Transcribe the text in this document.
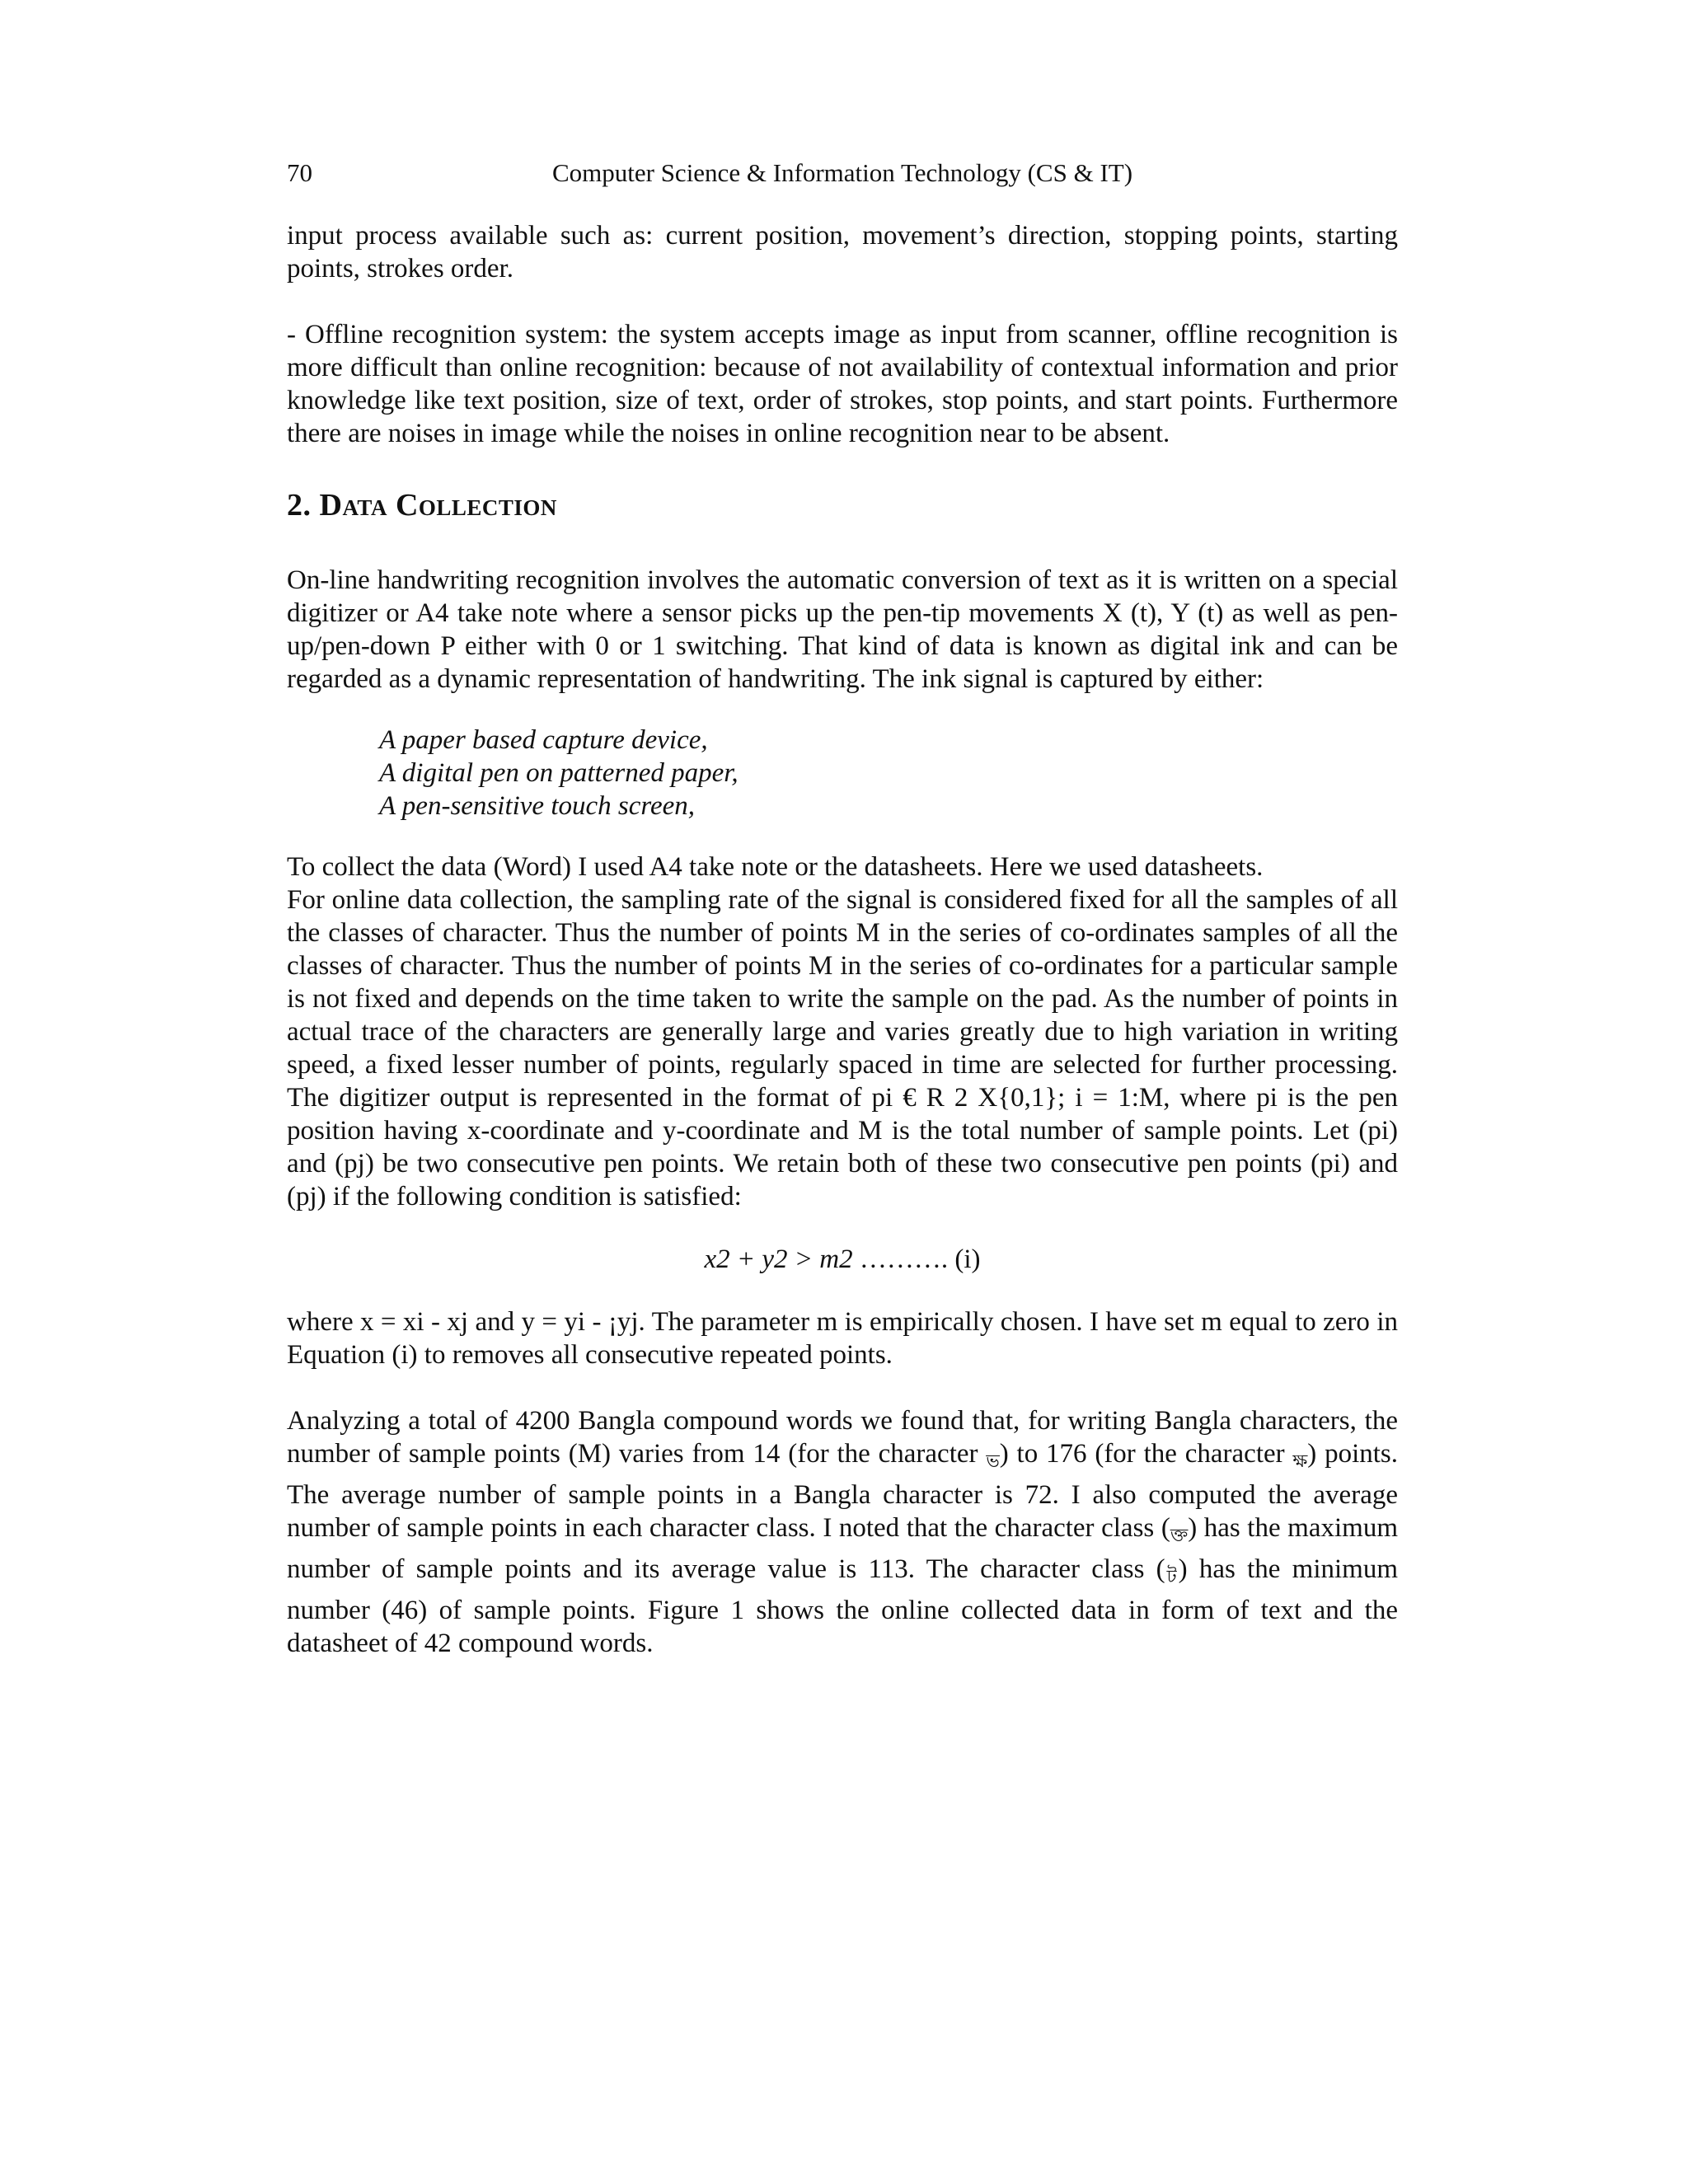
70	Computer Science & Information Technology (CS & IT)

input process available such as: current position, movement’s direction, stopping points, starting points, strokes order.

- Offline recognition system: the system accepts image as input from scanner, offline recognition is more difficult than online recognition: because of not availability of contextual information and prior knowledge like text position, size of text, order of strokes, stop points, and start points. Furthermore there are noises in image while the noises in online recognition near to be absent.

2. Data Collection

On-line handwriting recognition involves the automatic conversion of text as it is written on a special digitizer or A4 take note where a sensor picks up the pen-tip movements X (t), Y (t) as well as pen-up/pen-down P either with 0 or 1 switching. That kind of data is known as digital ink and can be regarded as a dynamic representation of handwriting. The ink signal is captured by either:

A paper based capture device,
A digital pen on patterned paper,
A pen-sensitive touch screen,

To collect the data (Word) I used A4 take note or the datasheets. Here we used datasheets.

For online data collection, the sampling rate of the signal is considered fixed for all the samples of all the classes of character. Thus the number of points M in the series of co-ordinates samples of all the classes of character. Thus the number of points M in the series of co-ordinates for a particular sample is not fixed and depends on the time taken to write the sample on the pad. As the number of points in actual trace of the characters are generally large and varies greatly due to high variation in writing speed, a fixed lesser number of points, regularly spaced in time are selected for further processing. The digitizer output is represented in the format of pi € R 2 X{0,1}; i = 1:M, where pi is the pen position having x-coordinate and y-coordinate and M is the total number of sample points. Let (pi) and (pj) be two consecutive pen points. We retain both of these two consecutive pen points (pi) and (pj) if the following condition is satisfied:

x2 + y2 > m2 ………. (i)

where x = xi - xj and y = yi - ¡yj. The parameter m is empirically chosen. I have set m equal to zero in Equation (i) to removes all consecutive repeated points.

Analyzing a total of 4200 Bangla compound words we found that, for writing Bangla characters, the number of sample points (M) varies from 14 (for the character ভ) to 176 (for the character ক্ষ) points. The average number of sample points in a Bangla character is 72. I also computed the average number of sample points in each character class. I noted that the character class (ক্ত) has the maximum number of sample points and its average value is 113. The character class (ট) has the minimum number (46) of sample points. Figure 1 shows the online collected data in form of text and the datasheet of 42 compound words.
